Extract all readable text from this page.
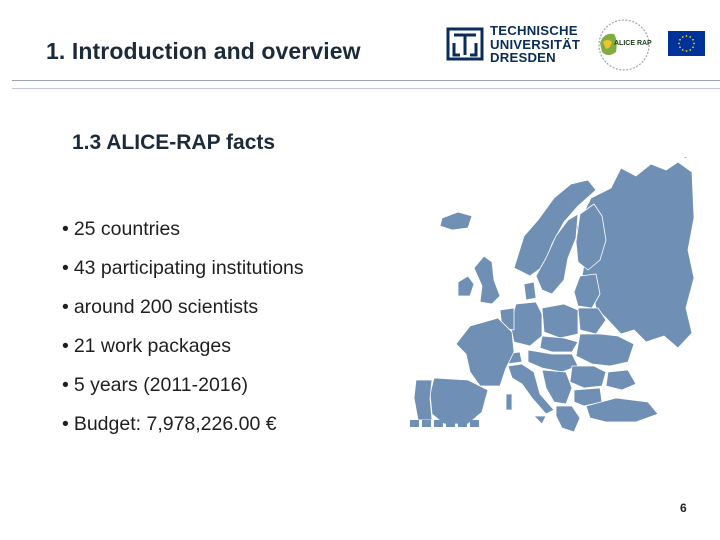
1. Introduction and overview
TECHNISCHE
UNIVERSITÄT
DRESDEN
ALICE RAP
1.3 ALICE-RAP facts
• 25 countries
• 43 participating institutions
• around 200 scientists
• 21 work packages
• 5 years (2011-2016)
• Budget: 7,978,226.00 €
-
6
